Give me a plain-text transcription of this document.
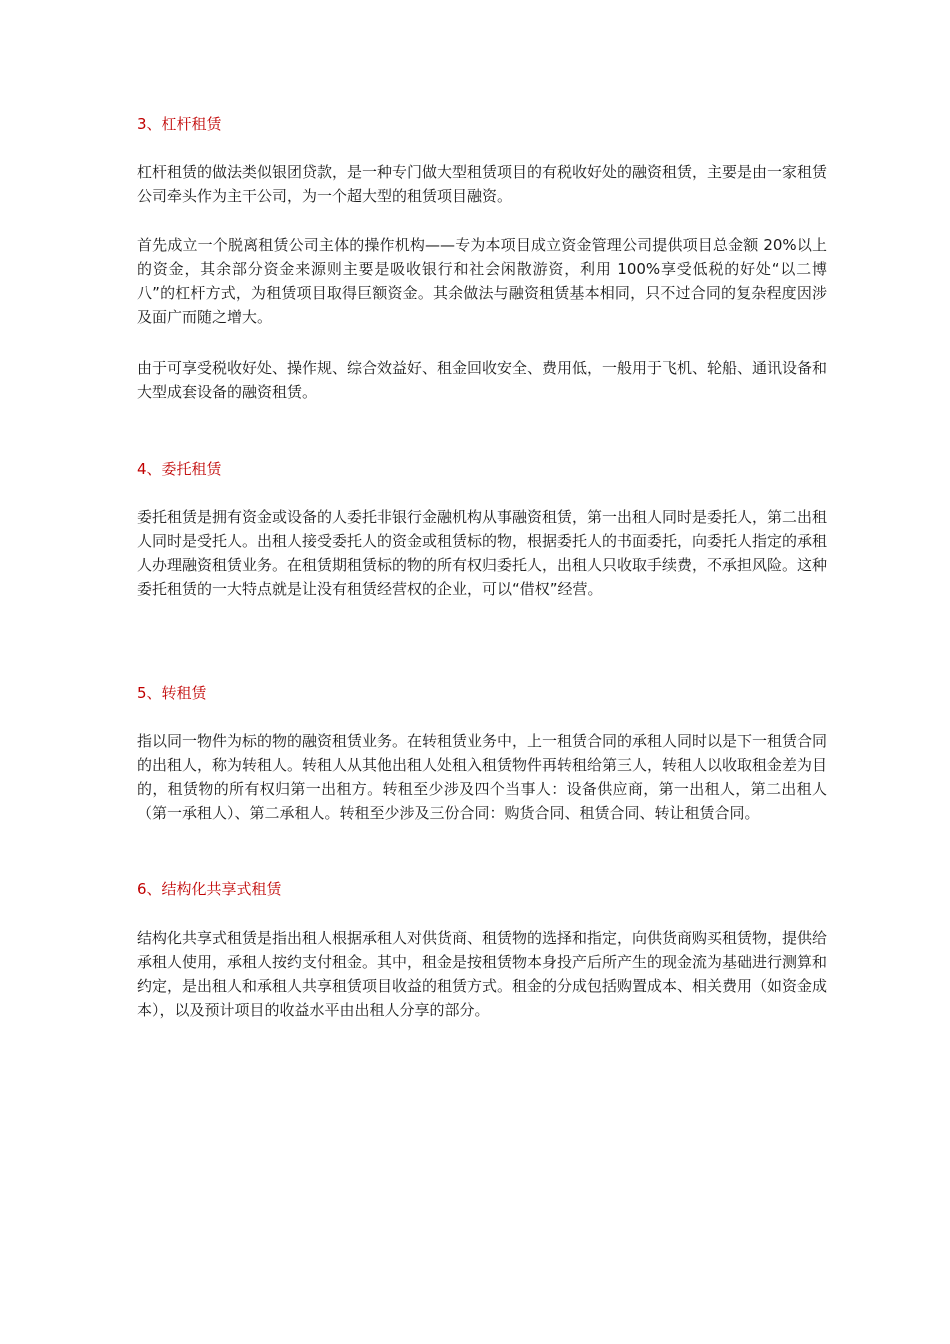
3、杠杆租赁

杠杆租赁的做法类似银团贷款，是一种专门做大型租赁项目的有税收好处的融资租赁，主要是由一家租赁公司牵头作为主干公司，为一个超大型的租赁项目融资。

首先成立一个脱离租赁公司主体的操作机构——专为本项目成立资金管理公司提供项目总金额 20%以上的资金，其余部分资金来源则主要是吸收银行和社会闲散游资，利用 100%享受低税的好处“以二博八”的杠杆方式，为租赁项目取得巨额资金。其余做法与融资租赁基本相同，只不过合同的复杂程度因涉及面广而随之增大。

由于可享受税收好处、操作规、综合效益好、租金回收安全、费用低，一般用于飞机、轮船、通讯设备和大型成套设备的融资租赁。

4、委托租赁

委托租赁是拥有资金或设备的人委托非银行金融机构从事融资租赁，第一出租人同时是委托人，第二出租人同时是受托人。出租人接受委托人的资金或租赁标的物，根据委托人的书面委托，向委托人指定的承租人办理融资租赁业务。在租赁期租赁标的物的所有权归委托人，出租人只收取手续费，不承担风险。这种委托租赁的一大特点就是让没有租赁经营权的企业，可以“借权”经营。

5、转租赁

指以同一物件为标的物的融资租赁业务。在转租赁业务中，上一租赁合同的承租人同时以是下一租赁合同的出租人，称为转租人。转租人从其他出租人处租入租赁物件再转租给第三人，转租人以收取租金差为目的，租赁物的所有权归第一出租方。转租至少涉及四个当事人：设备供应商，第一出租人，第二出租人（第一承租人）、第二承租人。转租至少涉及三份合同：购货合同、租赁合同、转让租赁合同。

6、结构化共享式租赁

结构化共享式租赁是指出租人根据承租人对供货商、租赁物的选择和指定，向供货商购买租赁物，提供给承租人使用，承租人按约支付租金。其中，租金是按租赁物本身投产后所产生的现金流为基础进行测算和约定，是出租人和承租人共享租赁项目收益的租赁方式。租金的分成包括购置成本、相关费用（如资金成本），以及预计项目的收益水平由出租人分享的部分。
